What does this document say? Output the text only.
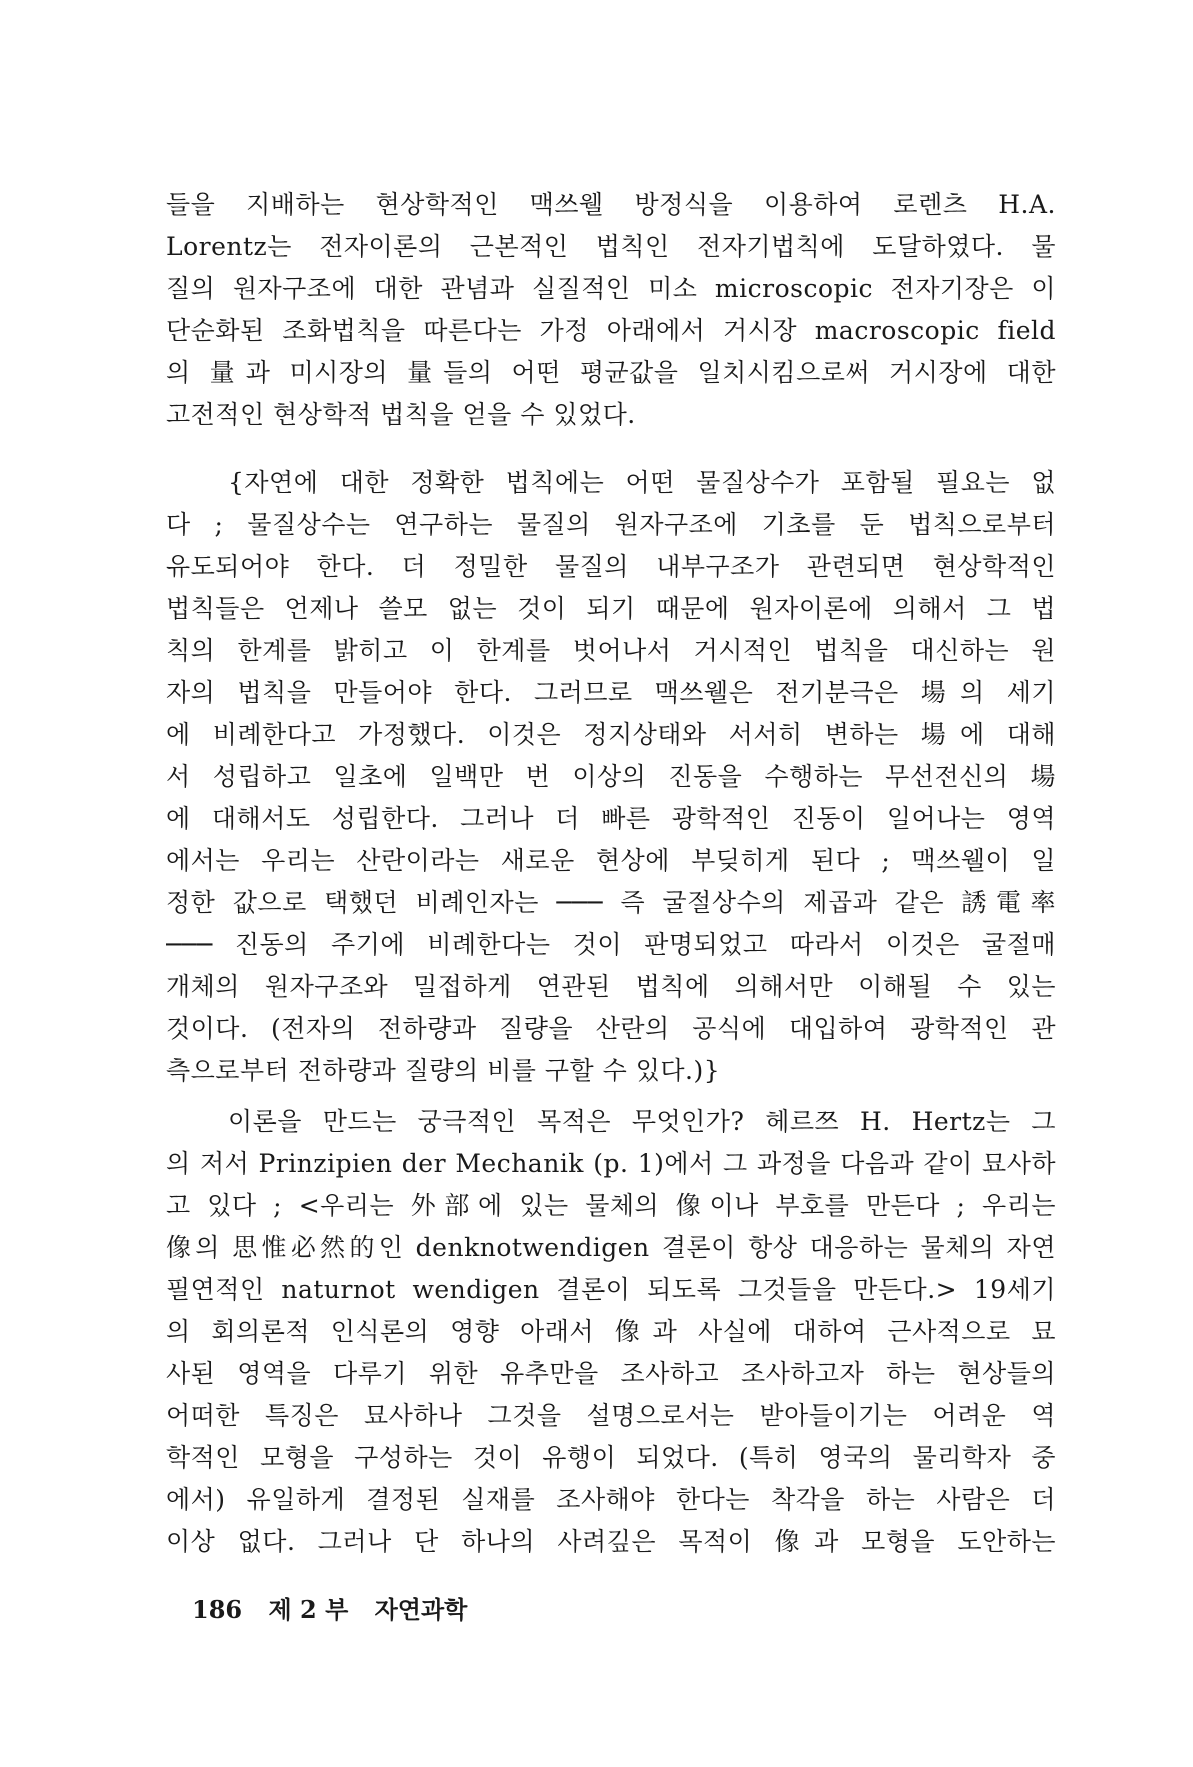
들을 지배하는 현상학적인 맥쓰웰 방정식을 이용하여 로렌츠 H.A.
Lorentz는 전자이론의 근본적인 법칙인 전자기법칙에 도달하였다. 물
질의 원자구조에 대한 관념과 실질적인 미소 microscopic 전자기장은 이
단순화된 조화법칙을 따른다는 가정 아래에서 거시장 macroscopic field
의 量과 미시장의 量들의 어떤 평균값을 일치시킴으로써 거시장에 대한
고전적인 현상학적 법칙을 얻을 수 있었다.
{자연에 대한 정확한 법칙에는 어떤 물질상수가 포함될 필요는 없
다 ; 물질상수는 연구하는 물질의 원자구조에 기초를 둔 법칙으로부터
유도되어야 한다. 더 정밀한 물질의 내부구조가 관련되면 현상학적인
법칙들은 언제나 쓸모 없는 것이 되기 때문에 원자이론에 의해서 그 법
칙의 한계를 밝히고 이 한계를 벗어나서 거시적인 법칙을 대신하는 원
자의 법칙을 만들어야 한다. 그러므로 맥쓰웰은 전기분극은 場의 세기
에 비례한다고 가정했다. 이것은 정지상태와 서서히 변하는 場에 대해
서 성립하고 일초에 일백만 번 이상의 진동을 수행하는 무선전신의 場
에 대해서도 성립한다. 그러나 더 빠른 광학적인 진동이 일어나는 영역
에서는 우리는 산란이라는 새로운 현상에 부딪히게 된다 ; 맥쓰웰이 일
정한 값으로 택했던 비례인자는 ─── 즉 굴절상수의 제곱과 같은 誘電率
─── 진동의 주기에 비례한다는 것이 판명되었고 따라서 이것은 굴절매
개체의 원자구조와 밀접하게 연관된 법칙에 의해서만 이해될 수 있는
것이다. (전자의 전하량과 질량을 산란의 공식에 대입하여 광학적인 관
측으로부터 전하량과 질량의 비를 구할 수 있다.)}
이론을 만드는 궁극적인 목적은 무엇인가? 헤르쯔 H. Hertz는 그
의 저서 Prinzipien der Mechanik (p. 1)에서 그 과정을 다음과 같이 묘사하
고 있다 ; <우리는 外部에 있는 물체의 像이나 부호를 만든다 ; 우리는
像의 思惟必然的인 denknotwendigen 결론이 항상 대응하는 물체의 자연
필연적인 naturnot wendigen 결론이 되도록 그것들을 만든다.> 19세기
의 회의론적 인식론의 영향 아래서 像과 사실에 대하여 근사적으로 묘
사된 영역을 다루기 위한 유추만을 조사하고 조사하고자 하는 현상들의
어떠한 특징은 묘사하나 그것을 설명으로서는 받아들이기는 어려운 역
학적인 모형을 구성하는 것이 유행이 되었다. (특히 영국의 물리학자 중
에서) 유일하게 결정된 실재를 조사해야 한다는 착각을 하는 사람은 더
이상 없다. 그러나 단 하나의 사려깊은 목적이 像과 모형을 도안하는
186 제 2 부 자연과학
